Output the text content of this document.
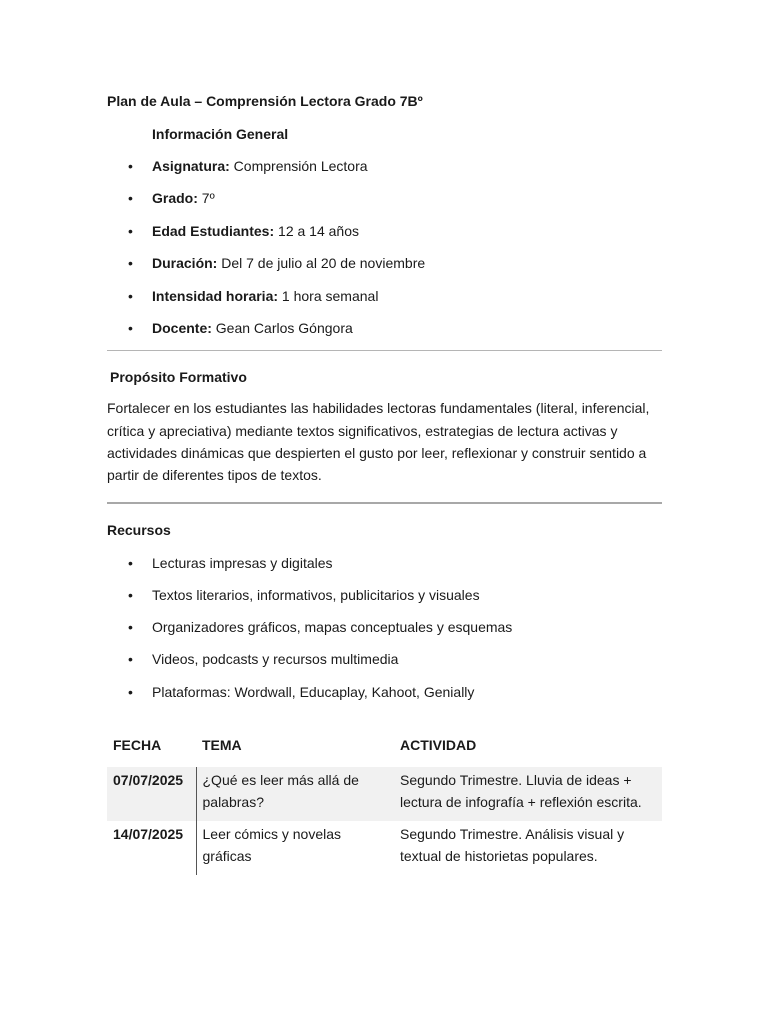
Plan de Aula – Comprensión Lectora Grado 7Bº

Información General

• Asignatura: Comprensión Lectora
• Grado: 7º
• Edad Estudiantes: 12 a 14 años
• Duración: Del 7 de julio al 20 de noviembre
• Intensidad horaria: 1 hora semanal
• Docente: Gean Carlos Góngora
Propósito Formativo

Fortalecer en los estudiantes las habilidades lectoras fundamentales (literal, inferencial, crítica y apreciativa) mediante textos significativos, estrategias de lectura activas y actividades dinámicas que despierten el gusto por leer, reflexionar y construir sentido a partir de diferentes tipos de textos.

Recursos
• Lecturas impresas y digitales
• Textos literarios, informativos, publicitarios y visuales
• Organizadores gráficos, mapas conceptuales y esquemas
• Videos, podcasts y recursos multimedia
• Plataformas: Wordwall, Educaplay, Kahoot, Genially
FECHA	TEMA	ACTIVIDAD
07/07/2025	¿Qué es leer más allá de palabras?	Segundo Trimestre. Lluvia de ideas + lectura de infografía + reflexión escrita.
14/07/2025	Leer cómics y novelas gráficas	Segundo Trimestre. Análisis visual y textual de historietas populares.
